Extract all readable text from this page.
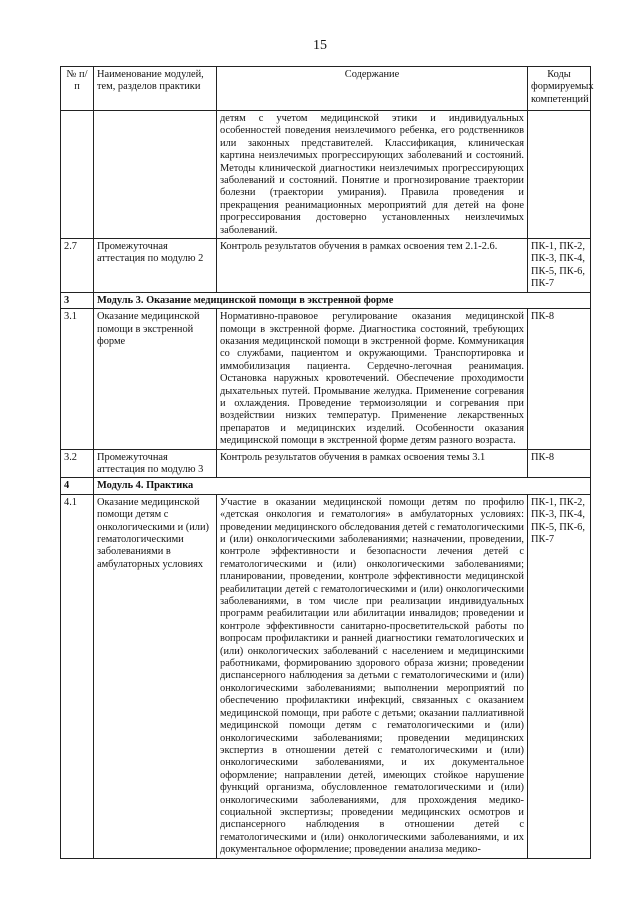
15
№ п/п	Наименование модулей, тем, разделов практики	Содержание	Коды формируемых компетенций
		детям с учетом медицинской этики и индивидуальных особенностей поведения неизлечимого ребенка, его родственников или законных представителей. Классификация, клиническая картина неизлечимых прогрессирующих заболеваний и состояний. Методы клинической диагностики неизлечимых прогрессирующих заболеваний и состояний. Понятие и прогнозирование траектории болезни (траектории умирания). Правила проведения и прекращения реанимационных мероприятий для детей на фоне прогрессирования достоверно установленных неизлечимых заболеваний.	
2.7	Промежуточная аттестация по модулю 2	Контроль результатов обучения в рамках освоения тем 2.1-2.6.	ПК-1, ПК-2, ПК-3, ПК-4, ПК-5, ПК-6, ПК-7
3	Модуль 3. Оказание медицинской помощи в экстренной форме		
3.1	Оказание медицинской помощи в экстренной форме	Нормативно-правовое регулирование оказания медицинской помощи в экстренной форме. Диагностика состояний, требующих оказания медицинской помощи в экстренной форме. Коммуникация со службами, пациентом и окружающими. Транспортировка и иммобилизация пациента. Сердечно-легочная реанимация. Остановка наружных кровотечений. Обеспечение проходимости дыхательных путей. Промывание желудка. Применение согревания и охлаждения. Проведение термоизоляции и согревания при воздействии низких температур. Применение лекарственных препаратов и медицинских изделий. Особенности оказания медицинской помощи в экстренной форме детям разного возраста.	ПК-8
3.2	Промежуточная аттестация по модулю 3	Контроль результатов обучения в рамках освоения темы 3.1	ПК-8
4	Модуль 4. Практика		
4.1	Оказание медицинской помощи детям с онкологическими и (или) гематологическими заболеваниями в амбулаторных условиях	Участие в оказании медицинской помощи детям по профилю «детская онкология и гематология» в амбулаторных условиях: проведении медицинского обследования детей с гематологическими и (или) онкологическими заболеваниями; назначении, проведении, контроле эффективности и безопасности лечения детей с гематологическими и (или) онкологическими заболеваниями; планировании, проведении, контроле эффективности медицинской реабилитации детей с гематологическими и (или) онкологическими заболеваниями, в том числе при реализации индивидуальных программ реабилитации или абилитации инвалидов; проведении и контроле эффективности санитарно-просветительской работы по вопросам профилактики и ранней диагностики гематологических и (или) онкологических заболеваний с населением и медицинскими работниками, формированию здорового образа жизни; проведении диспансерного наблюдения за детьми с гематологическими и (или) онкологическими заболеваниями; выполнении мероприятий по обеспечению профилактики инфекций, связанных с оказанием медицинской помощи, при работе с детьми; оказании паллиативной медицинской помощи детям с гематологическими и (или) онкологическими заболеваниями; проведении медицинских экспертиз в отношении детей с гематологическими и (или) онкологическими заболеваниями, и их документальное оформление; направлении детей, имеющих стойкое нарушение функций организма, обусловленное гематологическими и (или) онкологическими заболеваниями, для прохождения медико-социальной экспертизы; проведении медицинских осмотров и диспансерного наблюдения в отношении детей с гематологическими и (или) онкологическими заболеваниями, и их документальное оформление; проведении анализа медико-	ПК-1, ПК-2, ПК-3, ПК-4, ПК-5, ПК-6, ПК-7
